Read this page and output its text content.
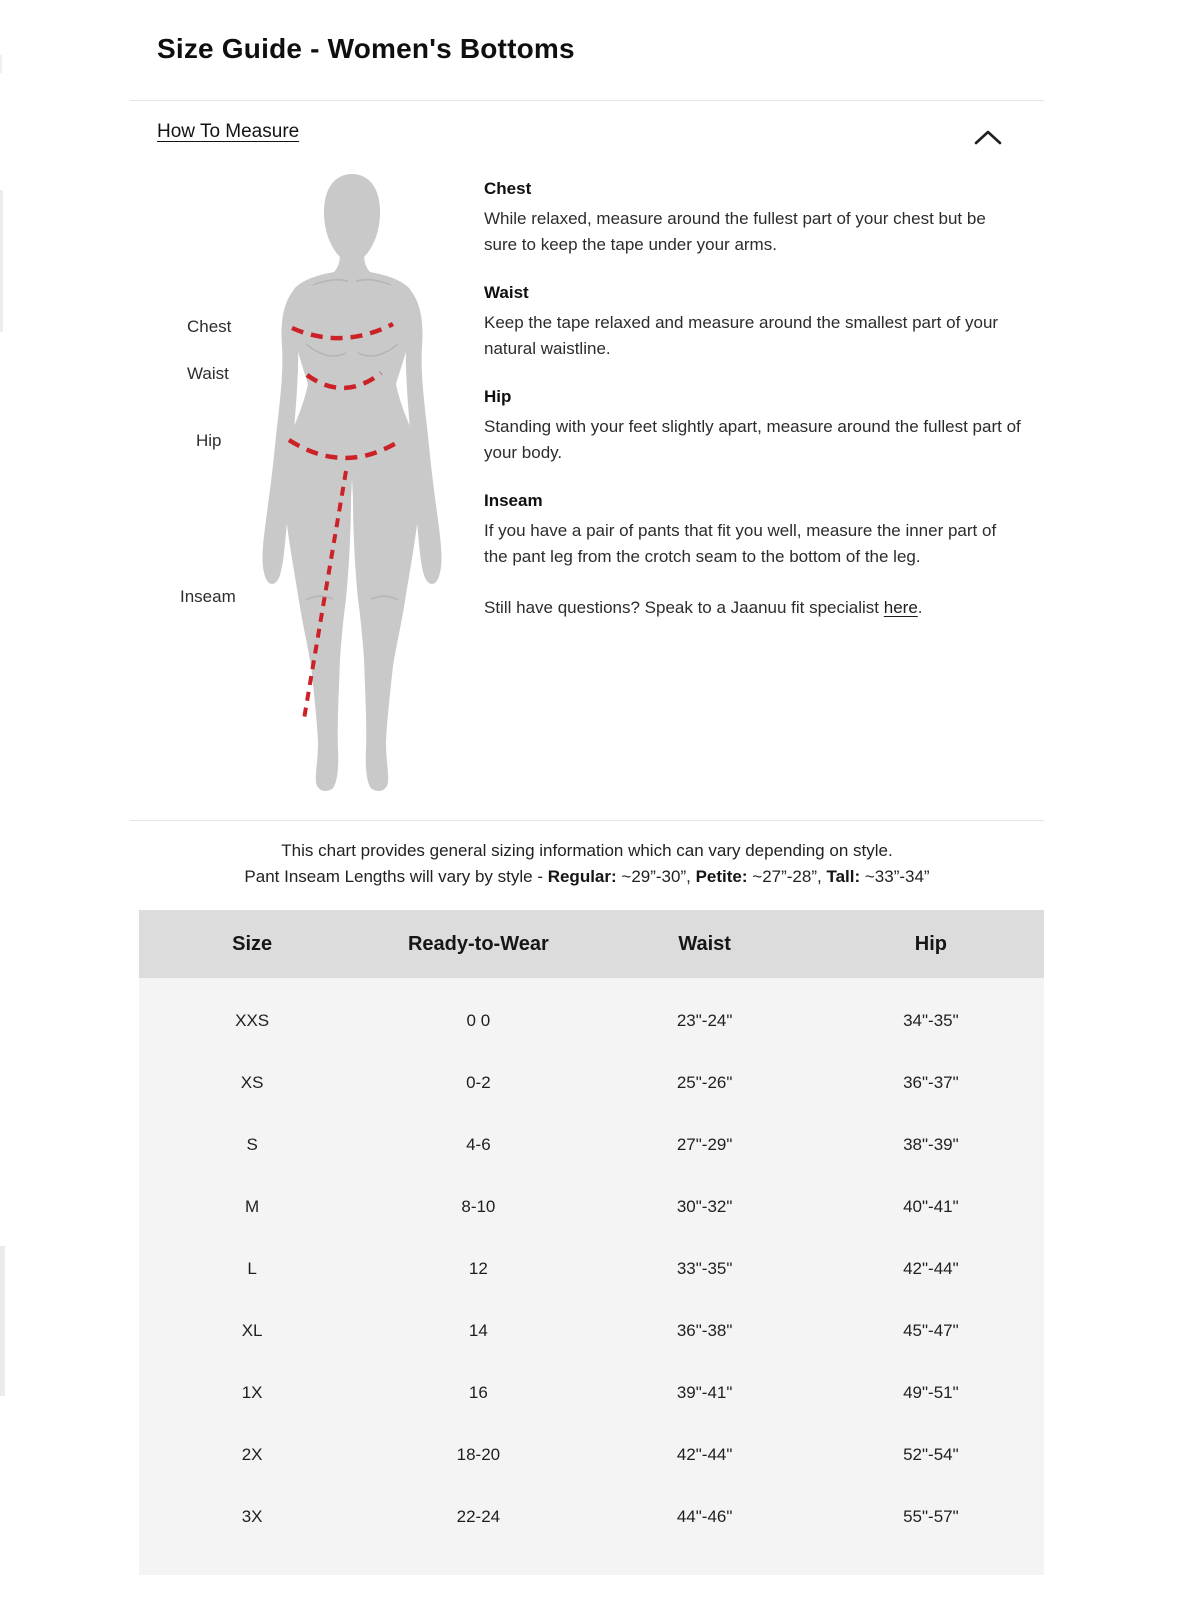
Size Guide - Women's Bottoms
How To Measure
Chest
Waist
Hip
Inseam
Chest

While relaxed, measure around the fullest part of your chest but be sure to keep the tape under your arms.

Waist

Keep the tape relaxed and measure around the smallest part of your natural waistline.

Hip

Standing with your feet slightly apart, measure around the fullest part of your body.

Inseam

If you have a pair of pants that fit you well, measure the inner part of the pant leg from the crotch seam to the bottom of the leg.

Still have questions? Speak to a Jaanuu fit specialist here.
This chart provides general sizing information which can vary depending on style.
Pant Inseam Lengths will vary by style - Regular: ~29”-30”, Petite: ~27”-28”, Tall: ~33”-34”
Size	Ready-to-Wear	Waist	Hip
XXS	0 0	23"-24"	34"-35"
XS	0-2	25"-26"	36"-37"
S	4-6	27"-29"	38"-39"
M	8-10	30"-32"	40"-41"
L	12	33"-35"	42"-44"
XL	14	36"-38"	45"-47"
1X	16	39"-41"	49"-51"
2X	18-20	42"-44"	52"-54"
3X	22-24	44"-46"	55"-57"
